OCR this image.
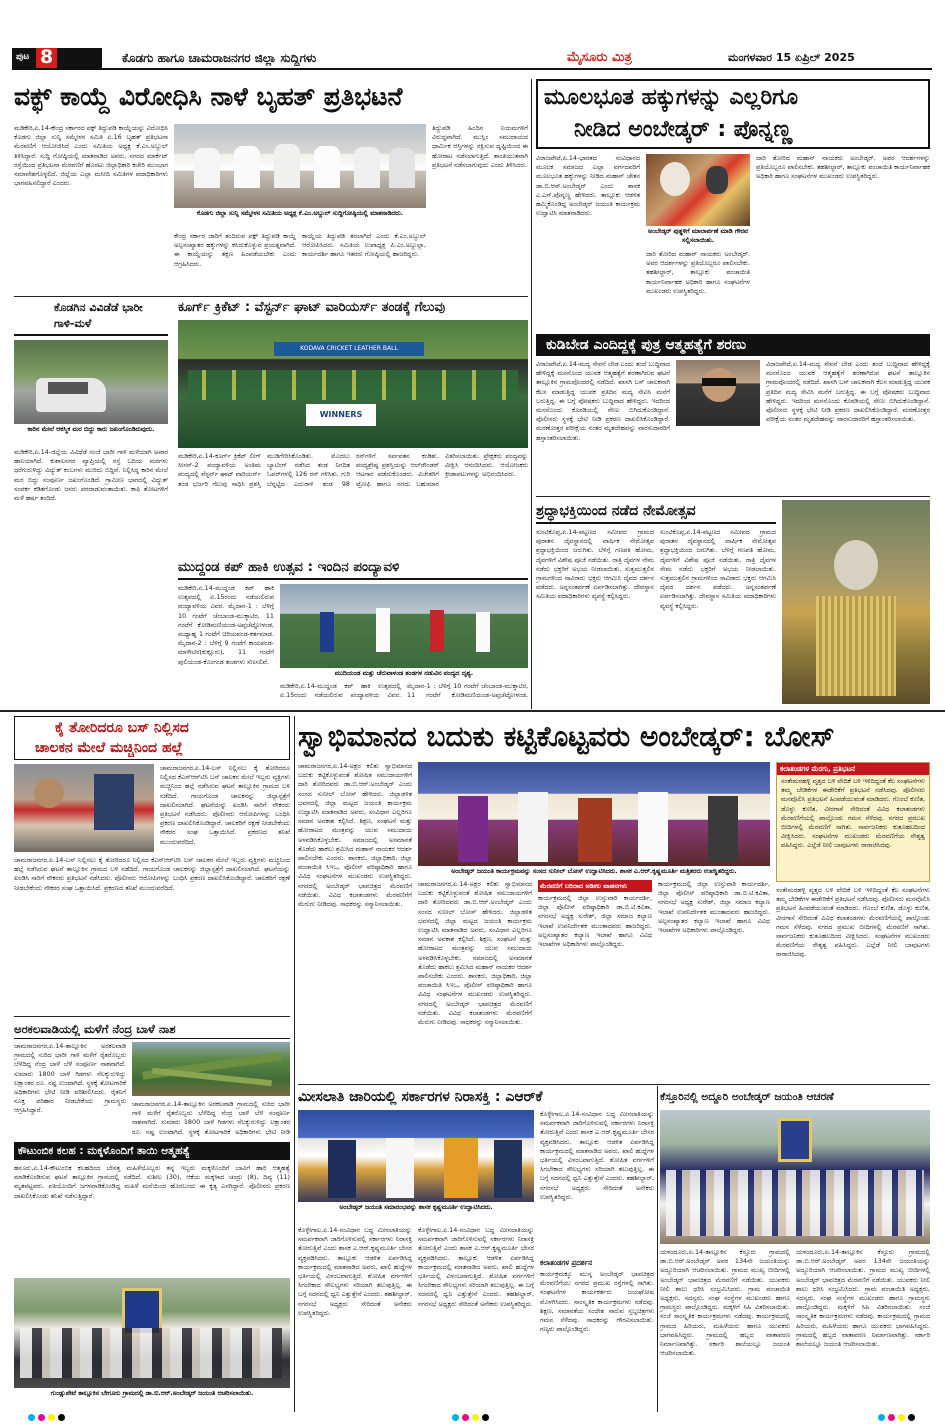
ಪುಟ 8	ಕೊಡಗು ಹಾಗೂ ಚಾಮರಾಜನಗರ ಜಿಲ್ಲಾ ಸುದ್ದಿಗಳು	ಮೈಸೂರು ಮಿತ್ರ	ಮಂಗಳವಾರ 15 ಏಪ್ರಿಲ್ 2025
ವಕ್ಫ್ ಕಾಯ್ದೆ ವಿರೋಧಿಸಿ ನಾಳೆ ಬೃಹತ್ ಪ್ರತಿಭಟನೆ
ಮಡಿಕೇರಿ,ಏ.14-ಕೇಂದ್ರ ಸರ್ಕಾರದ ವಕ್ಫ್ ತಿದ್ದುಪಡಿ ಕಾಯ್ದೆಯನ್ನು ವಿರೋಧಿಸಿ ಕೊಡಗು ಜಿಲ್ಲಾ ಸುನ್ನಿ ಸಮ್ಮೇಳನ ಸಮಿತಿ ಏ.16 ಬೃಹತ್ ಪ್ರತಿಭಟನಾ ಮೆರವಣಿಗೆ ಆಯೋಜಿಸಿದೆ ಎಂದು ಸಮಿತಿಯ ಅಧ್ಯಕ್ಷ ಕೆ.ಎಂ.ಅಬ್ದುಲ್ ತಿಳಿಸಿದ್ದಾರೆ. ಸುದ್ದಿ ಗೋಷ್ಠಿಯಲ್ಲಿ ಮಾತನಾಡಿದ ಅವರು, ನಗರದ ಮಾರ್ಕೆಟ್ ರಸ್ತೆಯಿಂದ ಪ್ರತಿಭಟನಾ ಮೆರವಣಿಗೆ ಹೊರಟು ಜಿಲ್ಲಾಧಿಕಾರಿ ಕಚೇರಿ ಮುಂಭಾಗ ಸಮಾವೇಶಗೊಳ್ಳಲಿದೆ. ಜಿಲ್ಲೆಯ ಎಲ್ಲಾ ಮಸೀದಿ ಸಮಿತಿಗಳ ಪದಾಧಿಕಾರಿಗಳು ಭಾಗವಹಿಸಲಿದ್ದಾರೆ ಎಂದರು.
ಕೊಡಗು ಜಿಲ್ಲಾ ಸುನ್ನಿ ಸಮ್ಮೇಳನ ಸಮಿತಿಯ ಅಧ್ಯಕ್ಷ ಕೆ.ಎಂ.ಅಬ್ದುಲ್ ಸುದ್ದಿಗೋಷ್ಠಿಯಲ್ಲಿ ಮಾತನಾಡಿದರು.
ಕೇಂದ್ರ ಸರ್ಕಾರ ಜಾರಿಗೆ ತಂದಿರುವ ವಕ್ಫ್ ತಿದ್ದುಪಡಿ ಕಾಯ್ದೆ ಅಲ್ಪಸಂಖ್ಯಾತರ ಹಕ್ಕುಗಳನ್ನು ಕಸಿದುಕೊಳ್ಳುವ ಪ್ರಯತ್ನವಾಗಿದೆ. ಈ ಕಾಯ್ದೆಯನ್ನು ತಕ್ಷಣ ಹಿಂಪಡೆಯಬೇಕು ಎಂದು ಆಗ್ರಹಿಸಿದರು.
ಕಾಯ್ದೆಯ ತಿದ್ದುಪಡಿ ತರಲಾಗಿದೆ ಎಂದು ಕೆ.ಎಂ.ಅಬ್ದುಲ್ ಆರೋಪಿಸಿದರು. ಸಮಿತಿಯ ಉಪಾಧ್ಯಕ್ಷ ಪಿ.ಎಂ.ಅಬ್ದುಲ್ಲಾ, ಕಾರ್ಯದರ್ಶಿ ಹಾಗೂ ಇತರರು ಗೋಷ್ಠಿಯಲ್ಲಿ ಹಾಜರಿದ್ದರು.
ತಿದ್ದುಪಡಿ ಹಿಂದಿನ ನಿಯಮಗಳಿಗೆ ವಿರುದ್ಧವಾಗಿದೆ. ಮುಸ್ಲಿಂ ಸಮುದಾಯದ ಧಾರ್ಮಿಕ ಆಸ್ತಿಗಳನ್ನು ರಕ್ಷಿಸುವ ದೃಷ್ಟಿಯಿಂದ ಈ ಹೋರಾಟ ನಡೆಸಲಾಗುತ್ತಿದೆ. ಶಾಂತಿಯುತವಾಗಿ ಪ್ರತಿಭಟನೆ ನಡೆಸಲಾಗುವುದು ಎಂದು ತಿಳಿಸಿದರು.
ಮೂಲಭೂತ ಹಕ್ಕುಗಳನ್ನು ಎಲ್ಲರಿಗೂ
ನೀಡಿದ ಅಂಬೇಡ್ಕರ್ : ಪೊನ್ನಣ್ಣ
ವಿರಾಜಪೇಟೆ,ಏ.14-ಭಾರತದ ಸಂವಿಧಾನದ ಮೂಲಕ ಸಮಾಜದ ಎಲ್ಲಾ ವರ್ಗದವರಿಗೆ ಮೂಲಭೂತ ಹಕ್ಕುಗಳನ್ನು ನೀಡಿದ ಮಹಾನ್ ಚೇತನ ಡಾ.ಬಿ.ಆರ್.ಅಂಬೇಡ್ಕರ್ ಎಂದು ಶಾಸಕ ಎ.ಎಸ್.ಪೊನ್ನಣ್ಣ ಹೇಳಿದರು. ತಾಲ್ಲೂಕು ಆಡಳಿತ ಹಮ್ಮಿಕೊಂಡಿದ್ದ ಅಂಬೇಡ್ಕರ್ ಜಯಂತಿ ಕಾರ್ಯಕ್ರಮ ಉದ್ಘಾಟಿಸಿ ಮಾತನಾಡಿದರು.
ಅಂಬೇಡ್ಕರ್ ಪುತ್ಥಳಿಗೆ ಮಾಲಾರ್ಪಣೆ ಮಾಡಿ ಗೌರವ ಸಲ್ಲಿಸಲಾಯಿತು.
ದಾರಿ ತೋರಿದ ಮಹಾನ್ ನಾಯಕರು ಅಂಬೇಡ್ಕರ್. ಅವರ ಆದರ್ಶಗಳನ್ನು ಪ್ರತಿಯೊಬ್ಬರೂ ಪಾಲಿಸಬೇಕು. ತಹಶೀಲ್ದಾರ್, ತಾಲ್ಲೂಕು ಪಂಚಾಯಿತಿ ಕಾರ್ಯನಿರ್ವಾಹಕ ಅಧಿಕಾರಿ ಹಾಗೂ ಸಂಘಟನೆಗಳ ಮುಖಂಡರು ಉಪಸ್ಥಿತರಿದ್ದರು.
ದಾರಿ ತೋರಿದ ಮಹಾನ್ ನಾಯಕರು ಅಂಬೇಡ್ಕರ್. ಅವರ ಆದರ್ಶಗಳನ್ನು ಪ್ರತಿಯೊಬ್ಬರೂ ಪಾಲಿಸಬೇಕು. ತಹಶೀಲ್ದಾರ್, ತಾಲ್ಲೂಕು ಪಂಚಾಯಿತಿ ಕಾರ್ಯನಿರ್ವಾಹಕ ಅಧಿಕಾರಿ ಹಾಗೂ ಸಂಘಟನೆಗಳ ಮುಖಂಡರು ಉಪಸ್ಥಿತರಿದ್ದರು.
ಕೊಡಗಿನ ವಿವಿಡೆಡೆ ಭಾರೀ ಗಾಳಿ-ಮಳೆ
ಕಾರಿನ ಮೇಲೆ ಆಕಸ್ಮಿಕ ಮರ ಬಿದ್ದು ಕಾರು ಜಖಂಗೊಂಡಿರುವುದು.
ಮಡಿಕೇರಿ,ಏ.14-ಜಿಲ್ಲೆಯ ವಿವಿಧೆಡೆ ಸಂಜೆ ಭಾರೀ ಗಾಳಿ ಮಳೆಯಾಗಿ ಅಪಾರ ಹಾನಿಯಾಗಿದೆ. ಕುಶಾಲನಗರ ವ್ಯಾಪ್ತಿಯಲ್ಲಿ ರಸ್ತೆ ಬದಿಯ ಮರಗಳು ಧರೆಗುರುಳಿದ್ದು ವಿದ್ಯುತ್ ಕಂಬಗಳು ಮುರಿದು ಬಿದ್ದಿವೆ. ನಿಲ್ಲಿಸಿದ್ದ ಕಾರಿನ ಮೇಲೆ ಮರ ಬಿದ್ದು ಸಂಪೂರ್ಣ ಜಖಂಗೊಂಡಿದೆ. ಗ್ರಾಮೀಣ ಭಾಗದಲ್ಲಿ ವಿದ್ಯುತ್ ಸಂಪರ್ಕ ಕಡಿತಗೊಂಡು ಜನರು ಪರದಾಡುವಂತಾಯಿತು. ಕಾಫಿ ತೋಟಗಳಿಗೆ ಮಳೆ ಹರ್ಷ ತಂದಿದೆ.
ಕೂರ್ಗ್ ಕ್ರಿಕೆಟ್ : ವೆಸ್ಟರ್ನ್ ಘಾಟ್ ವಾರಿಯರ್ಸ್ ತಂಡಕ್ಕೆ ಗೆಲುವು
KODAVA CRICKET LEATHER BALL
WINNERS
ಮಡಿಕೇರಿ,ಏ.14-ಕೂರ್ಗ್ ಕ್ರಿಕೆಟ್ ಲೀಗ್ ಸೀಸನ್-2 ಪಂದ್ಯಾವಳಿಯ ಅಂತಿಮ ಪಂದ್ಯದಲ್ಲಿ ವೆಸ್ಟರ್ನ್ ಘಾಟ್ ವಾರಿಯರ್ಸ್ ತಂಡ ಭರ್ಜರಿ ಗೆಲುವು ಸಾಧಿಸಿ ಪ್ರಶಸ್ತಿ ಮುಡಿಗೇರಿಸಿಕೊಂಡಿತು. ಮೊದಲು ಬ್ಯಾಟಿಂಗ್ ನಡೆಸಿದ ತಂಡ ನಿಗದಿತ ಓವರ್‌ಗಳಲ್ಲಿ 126 ರನ್ ಗಳಿಸಿತು. ಗುರಿ ಬೆನ್ನಟ್ಟಿದ ಎದುರಾಳಿ ತಂಡ 98 ರನ್‌ಗಳಿಗೆ ಸರ್ವಪತನ ಕಂಡಿತು. ಪಂದ್ಯಶ್ರೇಷ್ಠ ಪ್ರಶಸ್ತಿಯನ್ನು ಆಲ್‌ರೌಂಡರ್ ಆಟಗಾರ ಪಡೆದುಕೊಂಡರು. ವಿಜೇತರಿಗೆ ಟ್ರೋಫಿ ಹಾಗೂ ನಗದು ಬಹುಮಾನ ವಿತರಿಸಲಾಯಿತು. ಪ್ರೇಕ್ಷಕರು ಪಂದ್ಯವನ್ನು ವೀಕ್ಷಿಸಿ ಆನಂದಿಸಿದರು. ಆಯೋಜಕರು ಕ್ರೀಡಾಪಟುಗಳನ್ನು ಅಭಿನಂದಿಸಿದರು.
ಕುಡಿಬೇಡ ಎಂದಿದ್ದಕ್ಕೆ ಪುತ್ರ ಆತ್ಮಹತ್ಯೆಗೆ ಶರಣು
ವಿರಾಜಪೇಟೆ,ಏ.14-ಮದ್ಯ ಸೇವನೆ ಬೇಡ ಎಂದು ತಂದೆ ಬುದ್ಧಿವಾದ ಹೇಳಿದ್ದಕ್ಕೆ ಮನನೊಂದ ಯುವಕ ಆತ್ಮಹತ್ಯೆಗೆ ಶರಣಾಗಿರುವ ಘಟನೆ ತಾಲ್ಲೂಕಿನ ಗ್ರಾಮವೊಂದರಲ್ಲಿ ನಡೆದಿದೆ. ಖಾಸಗಿ ಬಸ್ ಚಾಲಕನಾಗಿ ಕೆಲಸ ಮಾಡುತ್ತಿದ್ದ ಯುವಕ ಪ್ರತಿದಿನ ಮದ್ಯ ಸೇವಿಸಿ ಮನೆಗೆ ಬರುತ್ತಿದ್ದ. ಈ ಬಗ್ಗೆ ಪೋಷಕರು ಬುದ್ಧಿವಾದ ಹೇಳಿದ್ದರು. ಇದರಿಂದ ಮನನೊಂದು ಕೊಠಡಿಯಲ್ಲಿ ನೇಣು ಬಿಗಿದುಕೊಂಡಿದ್ದಾನೆ. ಪೊಲೀಸರು ಸ್ಥಳಕ್ಕೆ ಭೇಟಿ ನೀಡಿ ಪ್ರಕರಣ ದಾಖಲಿಸಿಕೊಂಡಿದ್ದಾರೆ. ಮರಣೋತ್ತರ ಪರೀಕ್ಷೆಯ ನಂತರ ಮೃತದೇಹವನ್ನು ವಾರಸುದಾರರಿಗೆ ಹಸ್ತಾಂತರಿಸಲಾಯಿತು.
ವಿರಾಜಪೇಟೆ,ಏ.14-ಮದ್ಯ ಸೇವನೆ ಬೇಡ ಎಂದು ತಂದೆ ಬುದ್ಧಿವಾದ ಹೇಳಿದ್ದಕ್ಕೆ ಮನನೊಂದ ಯುವಕ ಆತ್ಮಹತ್ಯೆಗೆ ಶರಣಾಗಿರುವ ಘಟನೆ ತಾಲ್ಲೂಕಿನ ಗ್ರಾಮವೊಂದರಲ್ಲಿ ನಡೆದಿದೆ. ಖಾಸಗಿ ಬಸ್ ಚಾಲಕನಾಗಿ ಕೆಲಸ ಮಾಡುತ್ತಿದ್ದ ಯುವಕ ಪ್ರತಿದಿನ ಮದ್ಯ ಸೇವಿಸಿ ಮನೆಗೆ ಬರುತ್ತಿದ್ದ. ಈ ಬಗ್ಗೆ ಪೋಷಕರು ಬುದ್ಧಿವಾದ ಹೇಳಿದ್ದರು. ಇದರಿಂದ ಮನನೊಂದು ಕೊಠಡಿಯಲ್ಲಿ ನೇಣು ಬಿಗಿದುಕೊಂಡಿದ್ದಾನೆ. ಪೊಲೀಸರು ಸ್ಥಳಕ್ಕೆ ಭೇಟಿ ನೀಡಿ ಪ್ರಕರಣ ದಾಖಲಿಸಿಕೊಂಡಿದ್ದಾರೆ. ಮರಣೋತ್ತರ ಪರೀಕ್ಷೆಯ ನಂತರ ಮೃತದೇಹವನ್ನು ವಾರಸುದಾರರಿಗೆ ಹಸ್ತಾಂತರಿಸಲಾಯಿತು.
ಶ್ರದ್ಧಾಭಕ್ತಿಯಿಂದ ನಡೆದ ನೇಮೋತ್ಸವ
ಸುಂಟಿಕೊಪ್ಪ,ಏ.14-ಪಟ್ಟಣದ ಸಮೀಪದ ಗ್ರಾಮದ ಪುರಾತನ ದೈವಸ್ಥಾನದಲ್ಲಿ ವಾರ್ಷಿಕ ನೇಮೋತ್ಸವ ಶ್ರದ್ಧಾಭಕ್ತಿಯಿಂದ ಜರುಗಿತು. ಬೆಳಿಗ್ಗೆ ಗಣಪತಿ ಹೋಮ, ದೈವಗಳಿಗೆ ವಿಶೇಷ ಪೂಜೆ ನಡೆಯಿತು. ರಾತ್ರಿ ದೈವಗಳ ನೇಮ ನಡೆದು ಭಕ್ತರಿಗೆ ಅಭಯ ನೀಡಲಾಯಿತು. ಸುತ್ತಮುತ್ತಲಿನ ಗ್ರಾಮಗಳಿಂದ ಸಾವಿರಾರು ಭಕ್ತರು ಆಗಮಿಸಿ ದೈವದ ದರ್ಶನ ಪಡೆದರು. ಅನ್ನಸಂತರ್ಪಣೆ ಏರ್ಪಡಿಸಲಾಗಿತ್ತು. ದೇವಸ್ಥಾನ ಸಮಿತಿಯ ಪದಾಧಿಕಾರಿಗಳು ವ್ಯವಸ್ಥೆ ಕಲ್ಪಿಸಿದ್ದರು.
ಸುಂಟಿಕೊಪ್ಪ,ಏ.14-ಪಟ್ಟಣದ ಸಮೀಪದ ಗ್ರಾಮದ ಪುರಾತನ ದೈವಸ್ಥಾನದಲ್ಲಿ ವಾರ್ಷಿಕ ನೇಮೋತ್ಸವ ಶ್ರದ್ಧಾಭಕ್ತಿಯಿಂದ ಜರುಗಿತು. ಬೆಳಿಗ್ಗೆ ಗಣಪತಿ ಹೋಮ, ದೈವಗಳಿಗೆ ವಿಶೇಷ ಪೂಜೆ ನಡೆಯಿತು. ರಾತ್ರಿ ದೈವಗಳ ನೇಮ ನಡೆದು ಭಕ್ತರಿಗೆ ಅಭಯ ನೀಡಲಾಯಿತು. ಸುತ್ತಮುತ್ತಲಿನ ಗ್ರಾಮಗಳಿಂದ ಸಾವಿರಾರು ಭಕ್ತರು ಆಗಮಿಸಿ ದೈವದ ದರ್ಶನ ಪಡೆದರು. ಅನ್ನಸಂತರ್ಪಣೆ ಏರ್ಪಡಿಸಲಾಗಿತ್ತು. ದೇವಸ್ಥಾನ ಸಮಿತಿಯ ಪದಾಧಿಕಾರಿಗಳು ವ್ಯವಸ್ಥೆ ಕಲ್ಪಿಸಿದ್ದರು.
ಮುದ್ದಂಡ ಕಪ್ ಹಾಕಿ ಉತ್ಸವ : ಇಂದಿನ ಪಂದ್ಯಾವಳಿ
ಮಡಿಕೇರಿ,ಏ.14-ಮುದ್ದಂಡ ಕಪ್ ಹಾಕಿ ಉತ್ಸವದಲ್ಲಿ ಏ.15ರಂದು ನಡೆಯಲಿರುವ ಪಂದ್ಯಾವಳಿಯ ವಿವರ. ಮೈದಾನ-1 : ಬೆಳಿಗ್ಗೆ 10 ಗಂಟೆಗೆ ಚೆಂಬಾಂಡ-ಮುಕ್ಕಾಟಿರ, 11 ಗಂಟೆಗೆ ಕೋಡಿಮಣಿಯಂಡ-ಅಪ್ಪಚೆಟ್ಟೋಳಂಡ, ಮಧ್ಯಾಹ್ನ 1 ಗಂಟೆಗೆ ಚಿರಿಯಪಂಡ-ಕರ್ತಮಾಡ. ಮೈದಾನ-2 : ಬೆಳಿಗ್ಗೆ 9 ಗಂಟೆಗೆ ಕಾಯಪಂಡ-ಮಾಳೇಟಿರ(ಕುಕ್ಲೂರು), 11 ಗಂಟೆಗೆ ಪುಲಿಯಂಡ-ಕೊಂಗಂಡ ತಂಡಗಳು ಸೆಣಸಲಿವೆ.
ಮುದಿಯಂಡ ಮತ್ತು ಚೆರುವಾಳಂಡ ತಂಡಗಳ ನಡುವಿನ ಪಂದ್ಯದ ದೃಶ್ಯ.
ಮಡಿಕೇರಿ,ಏ.14-ಮುದ್ದಂಡ ಕಪ್ ಹಾಕಿ ಉತ್ಸವದಲ್ಲಿ ಏ.15ರಂದು ನಡೆಯಲಿರುವ ಪಂದ್ಯಾವಳಿಯ ವಿವರ. ಮೈದಾನ-1 : ಬೆಳಿಗ್ಗೆ 10 ಗಂಟೆಗೆ ಚೆಂಬಾಂಡ-ಮುಕ್ಕಾಟಿರ, 11 ಗಂಟೆಗೆ ಕೋಡಿಮಣಿಯಂಡ-ಅಪ್ಪಚೆಟ್ಟೋಳಂಡ,
ಕೈ ತೋರಿದರೂ ಬಸ್ ನಿಲ್ಲಿಸದ
ಚಾಲಕನ ಮೇಲೆ ಮಚ್ಚಿನಿಂದ ಹಲ್ಲೆ
ಚಾಮರಾಜನಗರ,ಏ.14-ಬಸ್ ನಿಲ್ಲಿಸಲು ಕೈ ತೋರಿದರೂ ನಿಲ್ಲಿಸದ ಕೆಎಸ್ಆರ್‌ಟಿಸಿ ಬಸ್ ಚಾಲಕನ ಮೇಲೆ ಇಬ್ಬರು ವ್ಯಕ್ತಿಗಳು ಮಚ್ಚಿನಿಂದ ಹಲ್ಲೆ ನಡೆಸಿರುವ ಘಟನೆ ತಾಲ್ಲೂಕಿನ ಗ್ರಾಮದ ಬಳಿ ನಡೆದಿದೆ. ಗಾಯಗೊಂಡ ಚಾಲಕನನ್ನು ಜಿಲ್ಲಾಸ್ಪತ್ರೆಗೆ ದಾಖಲಿಸಲಾಗಿದೆ. ಘಟನೆಯನ್ನು ಖಂಡಿಸಿ ಸಾರಿಗೆ ನೌಕರರು ಪ್ರತಿಭಟನೆ ನಡೆಸಿದರು. ಪೊಲೀಸರು ಆರೋಪಿಗಳನ್ನು ಬಂಧಿಸಿ ಪ್ರಕರಣ ದಾಖಲಿಸಿಕೊಂಡಿದ್ದಾರೆ. ಚಾಲಕರಿಗೆ ರಕ್ಷಣೆ ನೀಡಬೇಕೆಂದು ನೌಕರರ ಸಂಘ ಒತ್ತಾಯಿಸಿದೆ. ಪ್ರಕರಣದ ತನಿಖೆ ಮುಂದುವರೆದಿದೆ.
ಚಾಮರಾಜನಗರ,ಏ.14-ಬಸ್ ನಿಲ್ಲಿಸಲು ಕೈ ತೋರಿದರೂ ನಿಲ್ಲಿಸದ ಕೆಎಸ್ಆರ್‌ಟಿಸಿ ಬಸ್ ಚಾಲಕನ ಮೇಲೆ ಇಬ್ಬರು ವ್ಯಕ್ತಿಗಳು ಮಚ್ಚಿನಿಂದ ಹಲ್ಲೆ ನಡೆಸಿರುವ ಘಟನೆ ತಾಲ್ಲೂಕಿನ ಗ್ರಾಮದ ಬಳಿ ನಡೆದಿದೆ. ಗಾಯಗೊಂಡ ಚಾಲಕನನ್ನು ಜಿಲ್ಲಾಸ್ಪತ್ರೆಗೆ ದಾಖಲಿಸಲಾಗಿದೆ. ಘಟನೆಯನ್ನು ಖಂಡಿಸಿ ಸಾರಿಗೆ ನೌಕರರು ಪ್ರತಿಭಟನೆ ನಡೆಸಿದರು. ಪೊಲೀಸರು ಆರೋಪಿಗಳನ್ನು ಬಂಧಿಸಿ ಪ್ರಕರಣ ದಾಖಲಿಸಿಕೊಂಡಿದ್ದಾರೆ. ಚಾಲಕರಿಗೆ ರಕ್ಷಣೆ ನೀಡಬೇಕೆಂದು ನೌಕರರ ಸಂಘ ಒತ್ತಾಯಿಸಿದೆ. ಪ್ರಕರಣದ ತನಿಖೆ ಮುಂದುವರೆದಿದೆ.
ಅರಕಲವಾಡಿಯಲ್ಲಿ ಮಳೆಗೆ ನೆಂದ್ರ ಬಾಳೆ ನಾಶ
ಚಾಮರಾಜನಗರ,ಏ.14-ತಾಲ್ಲೂಕಿನ ಅರಕಲವಾಡಿ ಗ್ರಾಮದಲ್ಲಿ ಸುರಿದ ಭಾರೀ ಗಾಳಿ ಮಳೆಗೆ ರೈತರೊಬ್ಬರು ಬೆಳೆದಿದ್ದ ನೆಂದ್ರ ಬಾಳೆ ಬೆಳೆ ಸಂಪೂರ್ಣ ನಾಶವಾಗಿದೆ. ಸುಮಾರು 1800 ಬಾಳೆ ಗಿಡಗಳು ನೆಲಕ್ಕುರುಳಿದ್ದು ಲಕ್ಷಾಂತರ ರೂ. ನಷ್ಟ ಉಂಟಾಗಿದೆ. ಸ್ಥಳಕ್ಕೆ ತೋಟಗಾರಿಕೆ ಅಧಿಕಾರಿಗಳು ಭೇಟಿ ನೀಡಿ ಪರಿಶೀಲಿಸಿದರು. ರೈತನಿಗೆ ಸೂಕ್ತ ಪರಿಹಾರ ನೀಡಬೇಕೆಂದು ಗ್ರಾಮಸ್ಥರು ಆಗ್ರಹಿಸಿದ್ದಾರೆ.
ಚಾಮರಾಜನಗರ,ಏ.14-ತಾಲ್ಲೂಕಿನ ಅರಕಲವಾಡಿ ಗ್ರಾಮದಲ್ಲಿ ಸುರಿದ ಭಾರೀ ಗಾಳಿ ಮಳೆಗೆ ರೈತರೊಬ್ಬರು ಬೆಳೆದಿದ್ದ ನೆಂದ್ರ ಬಾಳೆ ಬೆಳೆ ಸಂಪೂರ್ಣ ನಾಶವಾಗಿದೆ. ಸುಮಾರು 1800 ಬಾಳೆ ಗಿಡಗಳು ನೆಲಕ್ಕುರುಳಿದ್ದು ಲಕ್ಷಾಂತರ ರೂ. ನಷ್ಟ ಉಂಟಾಗಿದೆ. ಸ್ಥಳಕ್ಕೆ ತೋಟಗಾರಿಕೆ ಅಧಿಕಾರಿಗಳು ಭೇಟಿ ನೀಡಿ
ಕೌಟುಂಬಿಕ ಕಲಹ : ಮಕ್ಕಳೊಂದಿಗೆ ತಾಯಿ ಆತ್ಮಹತ್ಯೆ
ಹನೂರು,ಏ.14-ಕೌಟುಂಬಿಕ ಕಲಹದಿಂದ ಬೇಸತ್ತ ಮಹಿಳೆಯೊಬ್ಬರು ತನ್ನ ಇಬ್ಬರು ಮಕ್ಕಳೊಂದಿಗೆ ಬಾವಿಗೆ ಹಾರಿ ಆತ್ಮಹತ್ಯೆ ಮಾಡಿಕೊಂಡಿರುವ ಘಟನೆ ತಾಲ್ಲೂಕಿನ ಗ್ರಾಮದಲ್ಲಿ ನಡೆದಿದೆ. ಸುಶೀಲ (30), ಆಕೆಯ ಮಕ್ಕಳಾದ ಚಂದ್ರು (8), ದಿವ್ಯ (11) ಮೃತಪಟ್ಟವರು. ಪತಿಯೊಂದಿಗೆ ಜಗಳವಾಡಿಕೊಂಡಿದ್ದ ಮಹಿಳೆ ಮನೆಯಿಂದ ಹೊರಬಂದು ಈ ಕೃತ್ಯ ಎಸಗಿದ್ದಾರೆ. ಪೊಲೀಸರು ಪ್ರಕರಣ ದಾಖಲಿಸಿಕೊಂಡು ತನಿಖೆ ನಡೆಸುತ್ತಿದ್ದಾರೆ.
ಗುಂಡ್ಲುಪೇಟೆ ತಾಲ್ಲೂಕಿನ ಬೇಗೂರು ಗ್ರಾಮದಲ್ಲಿ ಡಾ.ಬಿ.ಆರ್.ಅಂಬೇಡ್ಕರ್ ಜಯಂತಿ ಆಚರಿಸಲಾಯಿತು.
ಸ್ವಾಭಿಮಾನದ ಬದುಕು ಕಟ್ಟಿಕೊಟ್ಟವರು ಅಂಬೇಡ್ಕರ್: ಬೋಸ್
ಅಂಬೇಡ್ಕರ್ ಜಯಂತಿ ಕಾರ್ಯಕ್ರಮವನ್ನು ಸಂಸದ ಸುನೀಲ್ ಬೋಸ್ ಉದ್ಘಾಟಿಸಿದರು. ಶಾಸಕ ಎ.ಆರ್.ಕೃಷ್ಣಮೂರ್ತಿ ಮತ್ತಿತರರು ಉಪಸ್ಥಿತರಿದ್ದರು.
ಚಾಮರಾಜನಗರ,ಏ.14-ಅಕ್ಷರ ಕಲಿತು ಸ್ವಾಭಿಮಾನದ ಬದುಕು ಕಟ್ಟಿಕೊಳ್ಳುವಂತೆ ಶೋಷಿತ ಸಮುದಾಯಗಳಿಗೆ ದಾರಿ ತೋರಿದವರು ಡಾ.ಬಿ.ಆರ್.ಅಂಬೇಡ್ಕರ್ ಎಂದು ಸಂಸದ ಸುನೀಲ್ ಬೋಸ್ ಹೇಳಿದರು. ಜಿಲ್ಲಾಡಳಿತ ಭವನದಲ್ಲಿ ಜಿಲ್ಲಾ ಮಟ್ಟದ ಜಯಂತಿ ಕಾರ್ಯಕ್ರಮ ಉದ್ಘಾಟಿಸಿ ಮಾತನಾಡಿದ ಅವರು, ಸಂವಿಧಾನ ಎಲ್ಲರಿಗೂ ಸಮಾನ ಅವಕಾಶ ಕಲ್ಪಿಸಿದೆ. ಶಿಕ್ಷಣ, ಸಂಘಟನೆ ಮತ್ತು ಹೋರಾಟದ ಮಂತ್ರವನ್ನು ಯುವ ಸಮುದಾಯ ಅಳವಡಿಸಿಕೊಳ್ಳಬೇಕು. ಸಮಾಜದಲ್ಲಿ ಅಸಮಾನತೆ ತೊಡೆದು ಹಾಕಲು ಶ್ರಮಿಸಿದ ಮಹಾನ್ ನಾಯಕರ ಆದರ್ಶ ಪಾಲಿಸಬೇಕು ಎಂದರು. ಶಾಸಕರು, ಜಿಲ್ಲಾಧಿಕಾರಿ, ಜಿಲ್ಲಾ ಪಂಚಾಯಿತಿ ಸಿಇಒ, ಪೊಲೀಸ್ ವರಿಷ್ಠಾಧಿಕಾರಿ ಹಾಗೂ ವಿವಿಧ ಸಂಘಟನೆಗಳ ಮುಖಂಡರು ಉಪಸ್ಥಿತರಿದ್ದರು. ನಗರದಲ್ಲಿ ಅಂಬೇಡ್ಕರ್ ಭಾವಚಿತ್ರದ ಮೆರವಣಿಗೆ ನಡೆಯಿತು. ವಿವಿಧ ಕಲಾತಂಡಗಳು ಮೆರವಣಿಗೆಗೆ ಮೆರುಗು ನೀಡಿದವು. ಸಾಧಕರನ್ನು ಸನ್ಮಾನಿಸಲಾಯಿತು.
ಚಾಮರಾಜನಗರ,ಏ.14-ಅಕ್ಷರ ಕಲಿತು ಸ್ವಾಭಿಮಾನದ ಬದುಕು ಕಟ್ಟಿಕೊಳ್ಳುವಂತೆ ಶೋಷಿತ ಸಮುದಾಯಗಳಿಗೆ ದಾರಿ ತೋರಿದವರು ಡಾ.ಬಿ.ಆರ್.ಅಂಬೇಡ್ಕರ್ ಎಂದು ಸಂಸದ ಸುನೀಲ್ ಬೋಸ್ ಹೇಳಿದರು. ಜಿಲ್ಲಾಡಳಿತ ಭವನದಲ್ಲಿ ಜಿಲ್ಲಾ ಮಟ್ಟದ ಜಯಂತಿ ಕಾರ್ಯಕ್ರಮ ಉದ್ಘಾಟಿಸಿ ಮಾತನಾಡಿದ ಅವರು, ಸಂವಿಧಾನ ಎಲ್ಲರಿಗೂ ಸಮಾನ ಅವಕಾಶ ಕಲ್ಪಿಸಿದೆ. ಶಿಕ್ಷಣ, ಸಂಘಟನೆ ಮತ್ತು ಹೋರಾಟದ ಮಂತ್ರವನ್ನು ಯುವ ಸಮುದಾಯ ಅಳವಡಿಸಿಕೊಳ್ಳಬೇಕು. ಸಮಾಜದಲ್ಲಿ ಅಸಮಾನತೆ ತೊಡೆದು ಹಾಕಲು ಶ್ರಮಿಸಿದ ಮಹಾನ್ ನಾಯಕರ ಆದರ್ಶ ಪಾಲಿಸಬೇಕು ಎಂದರು. ಶಾಸಕರು, ಜಿಲ್ಲಾಧಿಕಾರಿ, ಜಿಲ್ಲಾ ಪಂಚಾಯಿತಿ ಸಿಇಒ, ಪೊಲೀಸ್ ವರಿಷ್ಠಾಧಿಕಾರಿ ಹಾಗೂ ವಿವಿಧ ಸಂಘಟನೆಗಳ ಮುಖಂಡರು ಉಪಸ್ಥಿತರಿದ್ದರು. ನಗರದಲ್ಲಿ ಅಂಬೇಡ್ಕರ್ ಭಾವಚಿತ್ರದ ಮೆರವಣಿಗೆ ನಡೆಯಿತು. ವಿವಿಧ ಕಲಾತಂಡಗಳು ಮೆರವಣಿಗೆಗೆ ಮೆರುಗು ನೀಡಿದವು. ಸಾಧಕರನ್ನು ಸನ್ಮಾನಿಸಲಾಯಿತು.
ಮೆರವಣಿಗೆ ಬರಿದಾದ ಅಡಿಕಲ ವಾಹನಗಳು
ಕಾರ್ಯಕ್ರಮದಲ್ಲಿ ಜಿಲ್ಲಾ ಉಸ್ತುವಾರಿ ಕಾರ್ಯದರ್ಶಿ, ಜಿಲ್ಲಾ ಪೊಲೀಸ್ ವರಿಷ್ಠಾಧಿಕಾರಿ ಡಾ.ಬಿ.ಟಿ.ಕವಿತಾ, ನಗರಸಭೆ ಅಧ್ಯಕ್ಷ ಸುರೇಶ್, ಜಿಲ್ಲಾ ಸಮಾಜ ಕಲ್ಯಾಣ ಇಲಾಖೆ ಉಪನಿರ್ದೇಶಕ ಮುಂತಾದವರು ಹಾಜರಿದ್ದರು. ಅಲ್ಪಸಂಖ್ಯಾತರ ಕಲ್ಯಾಣ ಇಲಾಖೆ ಹಾಗೂ ವಿವಿಧ ಇಲಾಖೆಗಳ ಅಧಿಕಾರಿಗಳು ಪಾಲ್ಗೊಂಡಿದ್ದರು.
ಕಾರ್ಯಕ್ರಮದಲ್ಲಿ ಜಿಲ್ಲಾ ಉಸ್ತುವಾರಿ ಕಾರ್ಯದರ್ಶಿ, ಜಿಲ್ಲಾ ಪೊಲೀಸ್ ವರಿಷ್ಠಾಧಿಕಾರಿ ಡಾ.ಬಿ.ಟಿ.ಕವಿತಾ, ನಗರಸಭೆ ಅಧ್ಯಕ್ಷ ಸುರೇಶ್, ಜಿಲ್ಲಾ ಸಮಾಜ ಕಲ್ಯಾಣ ಇಲಾಖೆ ಉಪನಿರ್ದೇಶಕ ಮುಂತಾದವರು ಹಾಜರಿದ್ದರು. ಅಲ್ಪಸಂಖ್ಯಾತರ ಕಲ್ಯಾಣ ಇಲಾಖೆ ಹಾಗೂ ವಿವಿಧ ಇಲಾಖೆಗಳ ಅಧಿಕಾರಿಗಳು ಪಾಲ್ಗೊಂಡಿದ್ದರು.
ಕಲಾತಂಡಗಳ ಮೆರಗು, ಪ್ರತಿಭಟನೆ
ಸಂತೇಮರಹಳ್ಳಿ ವೃತ್ತದ ಬಳಿ ವೇದಿಕೆ ಬಳಿ ಇಳಿದಿದ್ದಂತೆ ಕೆಲ ಸಂಘಟನೆಗಳು ತಮ್ಮ ಬೇಡಿಕೆಗಳ ಈಡೇರಿಕೆಗೆ ಪ್ರತಿಭಟನೆ ನಡೆಸಿದವು. ಪೊಲೀಸರು ಮನವೊಲಿಸಿ ಪ್ರತಿಭಟನೆ ಹಿಂಪಡೆಯುವಂತೆ ಮಾಡಿದರು. ಗೊಂಬೆ ಕುಣಿತ, ಡೊಳ್ಳು ಕುಣಿತ, ವೀರಗಾಸೆ ಸೇರಿದಂತೆ ವಿವಿಧ ಕಲಾತಂಡಗಳು ಮೆರವಣಿಗೆಯಲ್ಲಿ ಪಾಲ್ಗೊಂಡು ಗಮನ ಸೆಳೆದವು. ನಗರದ ಪ್ರಮುಖ ಬೀದಿಗಳಲ್ಲಿ ಮೆರವಣಿಗೆ ಸಾಗಿತು. ಸಾರ್ವಜನಿಕರು ಕುತೂಹಲದಿಂದ ವೀಕ್ಷಿಸಿದರು. ಸಂಘಟನೆಗಳ ಮುಖಂಡರು ಮೆರವಣಿಗೆಯ ನೇತೃತ್ವ ವಹಿಸಿದ್ದರು. ಎಲ್ಲೆಡೆ ನೀಲಿ ಬಾವುಟಗಳು ರಾರಾಜಿಸಿದವು.
ಸಂತೇಮರಹಳ್ಳಿ ವೃತ್ತದ ಬಳಿ ವೇದಿಕೆ ಬಳಿ ಇಳಿದಿದ್ದಂತೆ ಕೆಲ ಸಂಘಟನೆಗಳು ತಮ್ಮ ಬೇಡಿಕೆಗಳ ಈಡೇರಿಕೆಗೆ ಪ್ರತಿಭಟನೆ ನಡೆಸಿದವು. ಪೊಲೀಸರು ಮನವೊಲಿಸಿ ಪ್ರತಿಭಟನೆ ಹಿಂಪಡೆಯುವಂತೆ ಮಾಡಿದರು. ಗೊಂಬೆ ಕುಣಿತ, ಡೊಳ್ಳು ಕುಣಿತ, ವೀರಗಾಸೆ ಸೇರಿದಂತೆ ವಿವಿಧ ಕಲಾತಂಡಗಳು ಮೆರವಣಿಗೆಯಲ್ಲಿ ಪಾಲ್ಗೊಂಡು ಗಮನ ಸೆಳೆದವು. ನಗರದ ಪ್ರಮುಖ ಬೀದಿಗಳಲ್ಲಿ ಮೆರವಣಿಗೆ ಸಾಗಿತು. ಸಾರ್ವಜನಿಕರು ಕುತೂಹಲದಿಂದ ವೀಕ್ಷಿಸಿದರು. ಸಂಘಟನೆಗಳ ಮುಖಂಡರು ಮೆರವಣಿಗೆಯ ನೇತೃತ್ವ ವಹಿಸಿದ್ದರು. ಎಲ್ಲೆಡೆ ನೀಲಿ ಬಾವುಟಗಳು ರಾರಾಜಿಸಿದವು.
ಮೀಸಲಾತಿ ಜಾರಿಯಲ್ಲಿ ಸರ್ಕಾರಗಳ ನಿರಾಸಕ್ತಿ : ಎಆರ್‌ಕೆ
ಅಂಬೇಡ್ಕರ್ ಜಯಂತಿ ಸಮಾರಂಭವನ್ನು ಶಾಸಕ ಕೃಷ್ಣಮೂರ್ತಿ ಉದ್ಘಾಟಿಸಿದರು.
ಕೊಳ್ಳೇಗಾಲ,ಏ.14-ಸಂವಿಧಾನ ಬದ್ಧ ಮೀಸಲಾತಿಯನ್ನು ಸಮರ್ಪಕವಾಗಿ ಜಾರಿಗೊಳಿಸುವಲ್ಲಿ ಸರ್ಕಾರಗಳು ನಿರಾಸಕ್ತಿ ತೋರುತ್ತಿವೆ ಎಂದು ಶಾಸಕ ಎ.ಆರ್.ಕೃಷ್ಣಮೂರ್ತಿ ಬೇಸರ ವ್ಯಕ್ತಪಡಿಸಿದರು. ತಾಲ್ಲೂಕು ಆಡಳಿತ ಏರ್ಪಡಿಸಿದ್ದ ಕಾರ್ಯಕ್ರಮದಲ್ಲಿ ಮಾತನಾಡಿದ ಅವರು, ಖಾಲಿ ಹುದ್ದೆಗಳ ಭರ್ತಿಯಲ್ಲಿ ವಿಳಂಬವಾಗುತ್ತಿದೆ. ಶೋಷಿತ ವರ್ಗಗಳಿಗೆ ಸಿಗಬೇಕಾದ ಸೌಲಭ್ಯಗಳು ಸರಿಯಾಗಿ ತಲುಪುತ್ತಿಲ್ಲ. ಈ ಬಗ್ಗೆ ಸದನದಲ್ಲಿ ಧ್ವನಿ ಎತ್ತುತ್ತೇನೆ ಎಂದರು. ತಹಶೀಲ್ದಾರ್, ನಗರಸಭೆ ಅಧ್ಯಕ್ಷರು ಸೇರಿದಂತೆ ಅನೇಕರು ಉಪಸ್ಥಿತರಿದ್ದರು.
ಕೊಳ್ಳೇಗಾಲ,ಏ.14-ಸಂವಿಧಾನ ಬದ್ಧ ಮೀಸಲಾತಿಯನ್ನು ಸಮರ್ಪಕವಾಗಿ ಜಾರಿಗೊಳಿಸುವಲ್ಲಿ ಸರ್ಕಾರಗಳು ನಿರಾಸಕ್ತಿ ತೋರುತ್ತಿವೆ ಎಂದು ಶಾಸಕ ಎ.ಆರ್.ಕೃಷ್ಣಮೂರ್ತಿ ಬೇಸರ ವ್ಯಕ್ತಪಡಿಸಿದರು. ತಾಲ್ಲೂಕು ಆಡಳಿತ ಏರ್ಪಡಿಸಿದ್ದ ಕಾರ್ಯಕ್ರಮದಲ್ಲಿ ಮಾತನಾಡಿದ ಅವರು, ಖಾಲಿ ಹುದ್ದೆಗಳ ಭರ್ತಿಯಲ್ಲಿ ವಿಳಂಬವಾಗುತ್ತಿದೆ. ಶೋಷಿತ ವರ್ಗಗಳಿಗೆ ಸಿಗಬೇಕಾದ ಸೌಲಭ್ಯಗಳು ಸರಿಯಾಗಿ ತಲುಪುತ್ತಿಲ್ಲ. ಈ ಬಗ್ಗೆ ಸದನದಲ್ಲಿ ಧ್ವನಿ ಎತ್ತುತ್ತೇನೆ ಎಂದರು. ತಹಶೀಲ್ದಾರ್, ನಗರಸಭೆ ಅಧ್ಯಕ್ಷರು ಸೇರಿದಂತೆ ಅನೇಕರು ಉಪಸ್ಥಿತರಿದ್ದರು.
ಕೊಳ್ಳೇಗಾಲ,ಏ.14-ಸಂವಿಧಾನ ಬದ್ಧ ಮೀಸಲಾತಿಯನ್ನು ಸಮರ್ಪಕವಾಗಿ ಜಾರಿಗೊಳಿಸುವಲ್ಲಿ ಸರ್ಕಾರಗಳು ನಿರಾಸಕ್ತಿ ತೋರುತ್ತಿವೆ ಎಂದು ಶಾಸಕ ಎ.ಆರ್.ಕೃಷ್ಣಮೂರ್ತಿ ಬೇಸರ ವ್ಯಕ್ತಪಡಿಸಿದರು. ತಾಲ್ಲೂಕು ಆಡಳಿತ ಏರ್ಪಡಿಸಿದ್ದ ಕಾರ್ಯಕ್ರಮದಲ್ಲಿ ಮಾತನಾಡಿದ ಅವರು, ಖಾಲಿ ಹುದ್ದೆಗಳ ಭರ್ತಿಯಲ್ಲಿ ವಿಳಂಬವಾಗುತ್ತಿದೆ. ಶೋಷಿತ ವರ್ಗಗಳಿಗೆ ಸಿಗಬೇಕಾದ ಸೌಲಭ್ಯಗಳು ಸರಿಯಾಗಿ ತಲುಪುತ್ತಿಲ್ಲ. ಈ ಬಗ್ಗೆ ಸದನದಲ್ಲಿ ಧ್ವನಿ ಎತ್ತುತ್ತೇನೆ ಎಂದರು. ತಹಶೀಲ್ದಾರ್, ನಗರಸಭೆ ಅಧ್ಯಕ್ಷರು ಸೇರಿದಂತೆ ಅನೇಕರು ಉಪಸ್ಥಿತರಿದ್ದರು.
ಕಲಾತಂಡಗಳ ಪ್ರದರ್ಶನ
ಕಾರ್ಯಕ್ರಮಕ್ಕೂ ಮುನ್ನ ಅಂಬೇಡ್ಕರ್ ಭಾವಚಿತ್ರದ ಮೆರವಣಿಗೆಯು ನಗರದ ಪ್ರಮುಖ ರಸ್ತೆಗಳಲ್ಲಿ ಸಾಗಿತು. ಸಂಘಟನೆಗಳ ಕಾರ್ಯಕರ್ತರು ಜಯಘೋಷ ಮೊಳಗಿಸಿದರು. ಸಾಂಸ್ಕೃತಿಕ ಕಾರ್ಯಕ್ರಮಗಳು ನಡೆದವು. ಶಿಕ್ಷಣ, ಸಮಾನತೆಯ ಸಂದೇಶ ಸಾರುವ ಸ್ತಬ್ಧಚಿತ್ರಗಳು ಗಮನ ಸೆಳೆದವು. ಸಾಧಕರನ್ನು ಗೌರವಿಸಲಾಯಿತು. ಗಣ್ಯರು ಪಾಲ್ಗೊಂಡಿದ್ದರು.
ಕೆಸ್ತೂರಿನಲ್ಲಿ ಅದ್ದೂರಿ ಅಂಬೇಡ್ಕರ್ ಜಯಂತಿ ಆಚರಣೆ
ಯಳಂದೂರು,ಏ.14-ತಾಲ್ಲೂಕಿನ ಕೆಸ್ತೂರು ಗ್ರಾಮದಲ್ಲಿ ಡಾ.ಬಿ.ಆರ್.ಅಂಬೇಡ್ಕರ್ ಅವರ 134ನೇ ಜಯಂತಿಯನ್ನು ಅದ್ದೂರಿಯಾಗಿ ಆಚರಿಸಲಾಯಿತು. ಗ್ರಾಮದ ಮುಖ್ಯ ಬೀದಿಗಳಲ್ಲಿ ಅಂಬೇಡ್ಕರ್ ಭಾವಚಿತ್ರದ ಮೆರವಣಿಗೆ ನಡೆಯಿತು. ಯುವಕರು ನೀಲಿ ಶಾಲು ಧರಿಸಿ ಸಂಭ್ರಮಿಸಿದರು. ಗ್ರಾಮ ಪಂಚಾಯಿತಿ ಅಧ್ಯಕ್ಷರು, ಸದಸ್ಯರು, ಸಂಘ ಸಂಸ್ಥೆಗಳ ಮುಖಂಡರು ಹಾಗೂ ಗ್ರಾಮಸ್ಥರು ಪಾಲ್ಗೊಂಡಿದ್ದರು. ಮಕ್ಕಳಿಗೆ ಸಿಹಿ ವಿತರಿಸಲಾಯಿತು. ಸಂಜೆ ಸಾಂಸ್ಕೃತಿಕ ಕಾರ್ಯಕ್ರಮಗಳು ನಡೆದವು. ಕಾರ್ಯಕ್ರಮದಲ್ಲಿ ಗ್ರಾಮದ ಹಿರಿಯರು, ಮಹಿಳೆಯರು ಹಾಗೂ ಯುವಕರು ಭಾಗವಹಿಸಿದ್ದರು. ಗ್ರಾಮದಲ್ಲಿ ಹಬ್ಬದ ವಾತಾವರಣ ನಿರ್ಮಾಣವಾಗಿತ್ತು. ಸರ್ಕಾರಿ ಶಾಲೆಯಲ್ಲೂ ಜಯಂತಿ ಆಚರಿಸಲಾಯಿತು.
ಯಳಂದೂರು,ಏ.14-ತಾಲ್ಲೂಕಿನ ಕೆಸ್ತೂರು ಗ್ರಾಮದಲ್ಲಿ ಡಾ.ಬಿ.ಆರ್.ಅಂಬೇಡ್ಕರ್ ಅವರ 134ನೇ ಜಯಂತಿಯನ್ನು ಅದ್ದೂರಿಯಾಗಿ ಆಚರಿಸಲಾಯಿತು. ಗ್ರಾಮದ ಮುಖ್ಯ ಬೀದಿಗಳಲ್ಲಿ ಅಂಬೇಡ್ಕರ್ ಭಾವಚಿತ್ರದ ಮೆರವಣಿಗೆ ನಡೆಯಿತು. ಯುವಕರು ನೀಲಿ ಶಾಲು ಧರಿಸಿ ಸಂಭ್ರಮಿಸಿದರು. ಗ್ರಾಮ ಪಂಚಾಯಿತಿ ಅಧ್ಯಕ್ಷರು, ಸದಸ್ಯರು, ಸಂಘ ಸಂಸ್ಥೆಗಳ ಮುಖಂಡರು ಹಾಗೂ ಗ್ರಾಮಸ್ಥರು ಪಾಲ್ಗೊಂಡಿದ್ದರು. ಮಕ್ಕಳಿಗೆ ಸಿಹಿ ವಿತರಿಸಲಾಯಿತು. ಸಂಜೆ ಸಾಂಸ್ಕೃತಿಕ ಕಾರ್ಯಕ್ರಮಗಳು ನಡೆದವು. ಕಾರ್ಯಕ್ರಮದಲ್ಲಿ ಗ್ರಾಮದ ಹಿರಿಯರು, ಮಹಿಳೆಯರು ಹಾಗೂ ಯುವಕರು ಭಾಗವಹಿಸಿದ್ದರು. ಗ್ರಾಮದಲ್ಲಿ ಹಬ್ಬದ ವಾತಾವರಣ ನಿರ್ಮಾಣವಾಗಿತ್ತು. ಸರ್ಕಾರಿ ಶಾಲೆಯಲ್ಲೂ ಜಯಂತಿ ಆಚರಿಸಲಾಯಿತು.
